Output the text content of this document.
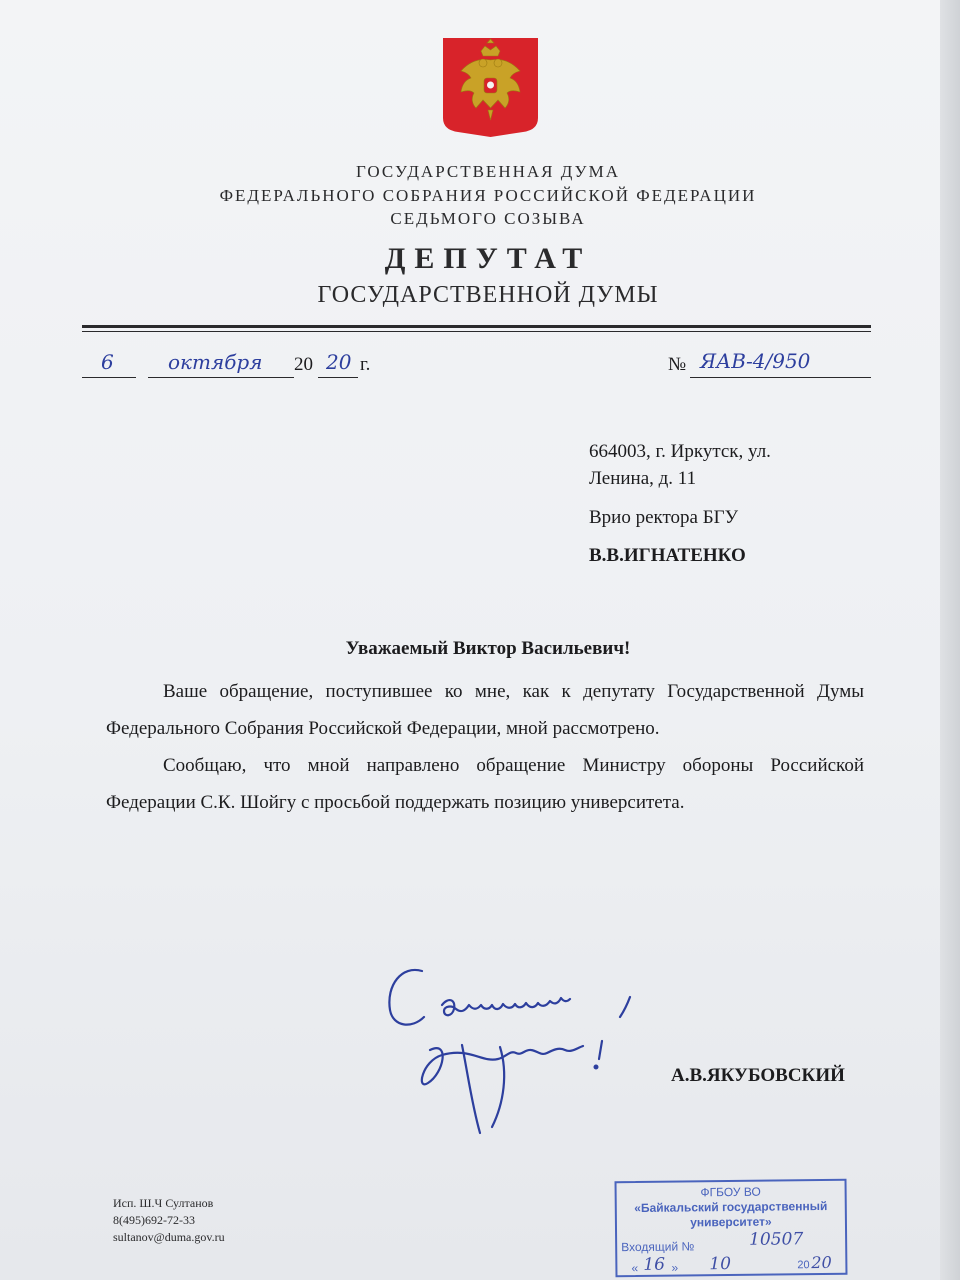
ГОСУДАРСТВЕННАЯ ДУМА
ФЕДЕРАЛЬНОГО СОБРАНИЯ РОССИЙСКОЙ ФЕДЕРАЦИИ
СЕДЬМОГО СОЗЫВА
ДЕПУТАТ
ГОСУДАРСТВЕННОЙ ДУМЫ
6	октября 20 20 г.	№ ЯАВ-4/950
664003, г. Иркутск, ул.
Ленина, д. 11
Врио ректора БГУ
В.В.ИГНАТЕНКО
Уважаемый Виктор Васильевич!
Ваше обращение, поступившее ко мне, как к депутату Государственной Думы Федерального Собрания Российской Федерации, мной рассмотрено.
Сообщаю, что мной направлено обращение Министру обороны Российской Федерации С.К. Шойгу с просьбой поддержать позицию университета.
А.В.ЯКУБОВСКИЙ
Исп. Ш.Ч Султанов
8(495)692-72-33
sultanov@duma.gov.ru
ФГБОУ ВО
«Байкальский государственный
университет»
Входящий №	10507
« 16 » 10	20 20
